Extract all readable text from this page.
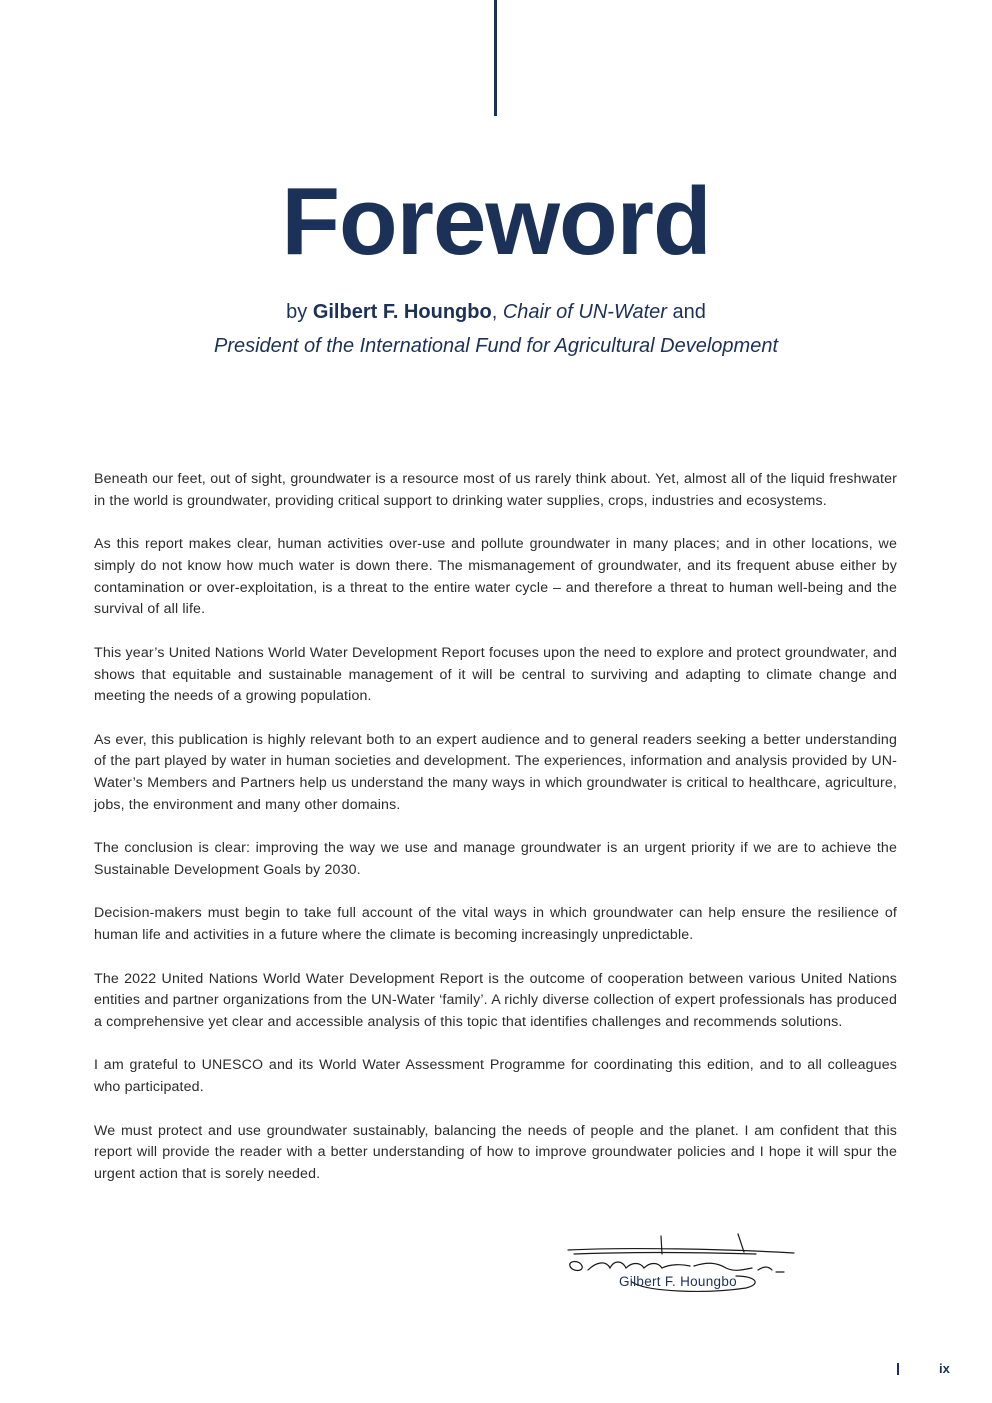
Foreword
by Gilbert F. Houngbo, Chair of UN-Water and
President of the International Fund for Agricultural Development

Beneath our feet, out of sight, groundwater is a resource most of us rarely think about. Yet, almost all of the liquid freshwater in the world is groundwater, providing critical support to drinking water supplies, crops, industries and ecosystems.

As this report makes clear, human activities over-use and pollute groundwater in many places; and in other locations, we simply do not know how much water is down there. The mismanagement of groundwater, and its frequent abuse either by contamination or over-exploitation, is a threat to the entire water cycle – and therefore a threat to human well-being and the survival of all life.

This year’s United Nations World Water Development Report focuses upon the need to explore and protect groundwater, and shows that equitable and sustainable management of it will be central to surviving and adapting to climate change and meeting the needs of a growing population.

As ever, this publication is highly relevant both to an expert audience and to general readers seeking a better understanding of the part played by water in human societies and development. The experiences, information and analysis provided by UN-Water’s Members and Partners help us understand the many ways in which groundwater is critical to healthcare, agriculture, jobs, the environment and many other domains.

The conclusion is clear: improving the way we use and manage groundwater is an urgent priority if we are to achieve the Sustainable Development Goals by 2030.

Decision-makers must begin to take full account of the vital ways in which groundwater can help ensure the resilience of human life and activities in a future where the climate is becoming increasingly unpredictable.

The 2022 United Nations World Water Development Report is the outcome of cooperation between various United Nations entities and partner organizations from the UN-Water ‘family’. A richly diverse collection of expert professionals has produced a comprehensive yet clear and accessible analysis of this topic that identifies challenges and recommends solutions.

I am grateful to UNESCO and its World Water Assessment Programme for coordinating this edition, and to all colleagues who participated.

We must protect and use groundwater sustainably, balancing the needs of people and the planet. I am confident that this report will provide the reader with a better understanding of how to improve groundwater policies and I hope it will spur the urgent action that is sorely needed.

Gilbert F. Houngbo
ix
